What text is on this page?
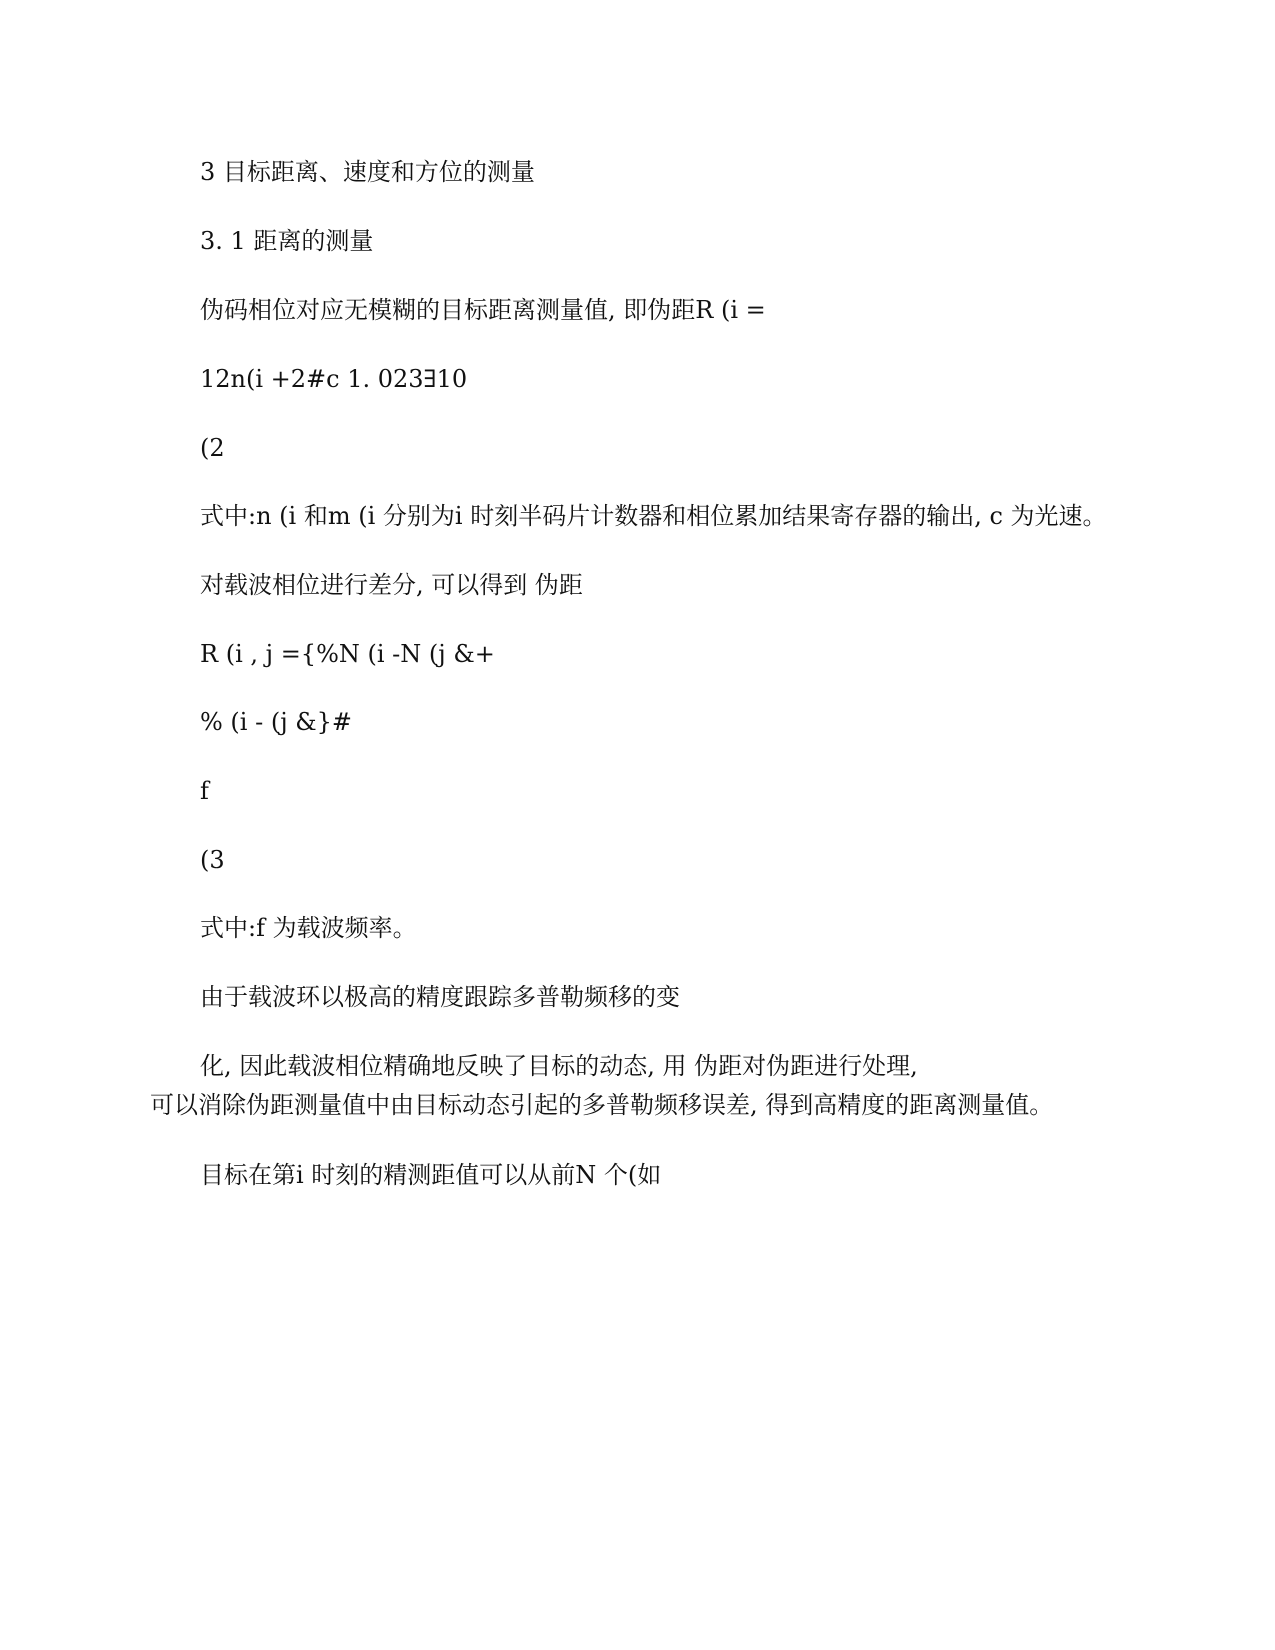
3 目标距离、速度和方位的测量
3. 1 距离的测量
伪码相位对应无模糊的目标距离测量值, 即伪距R (i =
12n(i +2#c 1. 023∃10
(2
式中:n (i 和m (i 分别为i 时刻半码片计数器和相位累加结果寄存器的输出, c 为光速。
对载波相位进行差分, 可以得到 伪距
R (i , j ={%N (i -N (j &+
% (i - (j &}#
f
(3
式中:f 为载波频率。
由于载波环以极高的精度跟踪多普勒频移的变
化, 因此载波相位精确地反映了目标的动态, 用 伪距对伪距进行处理,
可以消除伪距测量值中由目标动态引起的多普勒频移误差, 得到高精度的距离测量值。
目标在第i 时刻的精测距值可以从前N 个(如
